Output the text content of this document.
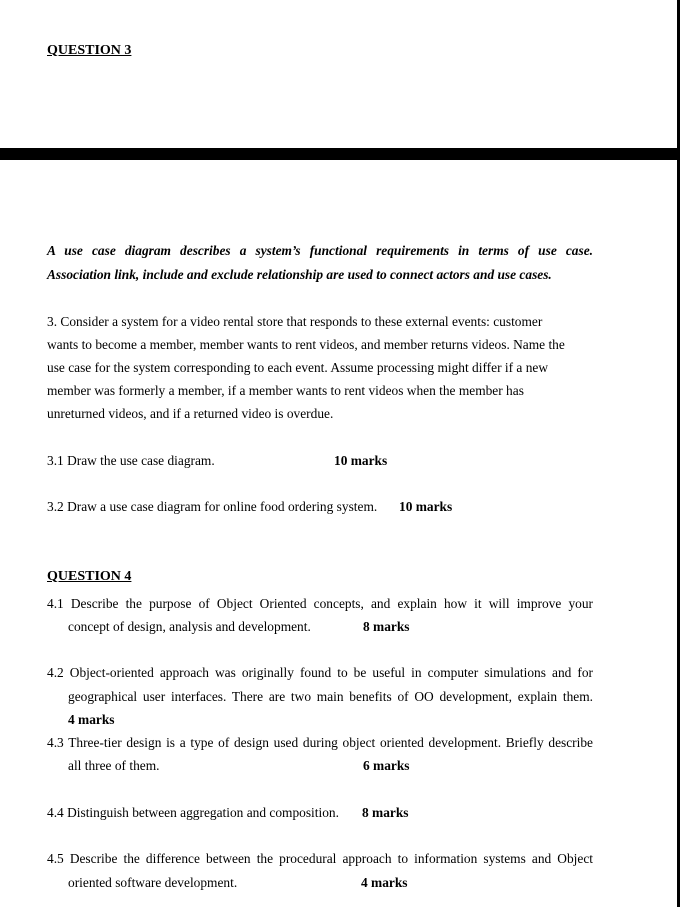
QUESTION 3
A use case diagram describes a system’s functional requirements in terms of use case.
Association link, include and exclude relationship are used to connect actors and use cases.
3. Consider a system for a video rental store that responds to these external events: customer
wants to become a member, member wants to rent videos, and member returns videos. Name the
use case for the system corresponding to each event. Assume processing might differ if a new
member was formerly a member, if a member wants to rent videos when the member has
unreturned videos, and if a returned video is overdue.
3.1 Draw the use case diagram.	10 marks
3.2 Draw a use case diagram for online food ordering system. 10 marks
QUESTION 4
4.1 Describe the purpose of Object Oriented concepts, and explain how it will improve your
concept of design, analysis and development.	8 marks
4.2 Object-oriented approach was originally found to be useful in computer simulations and for
geographical user interfaces. There are two main benefits of OO development, explain them.
4 marks
4.3 Three-tier design is a type of design used during object oriented development. Briefly describe
all three of them.	6 marks
4.4 Distinguish between aggregation and composition. 8 marks
4.5 Describe the difference between the procedural approach to information systems and Object
oriented software development.	4 marks
